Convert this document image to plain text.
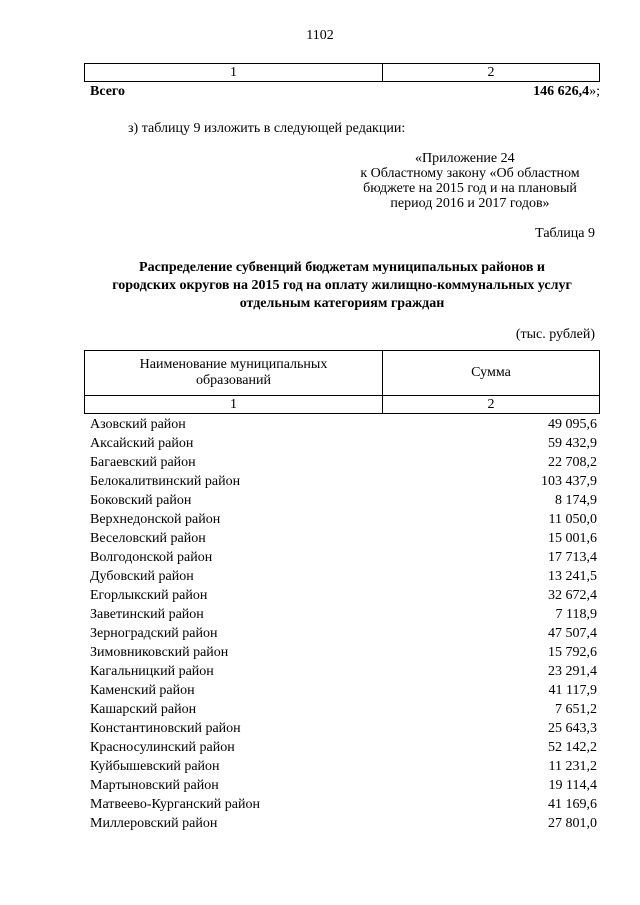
1102
1	2
Всего	146 626,4»;
з) таблицу 9 изложить в следующей редакции:
«Приложение 24
к Областному закону «Об областном
бюджете на 2015 год и на плановый
период 2016 и 2017 годов»
Таблица 9
Распределение субвенций бюджетам муниципальных районов и
городских округов на 2015 год на оплату жилищно-коммунальных услуг
отдельным категориям граждан
(тыс. рублей)
Наименование муниципальных
образований	Сумма
1	2
Азовский район	49 095,6
Аксайский район	59 432,9
Багаевский район	22 708,2
Белокалитвинский район	103 437,9
Боковский район	8 174,9
Верхнедонской район	11 050,0
Веселовский район	15 001,6
Волгодонской район	17 713,4
Дубовский район	13 241,5
Егорлыкский район	32 672,4
Заветинский район	7 118,9
Зерноградский район	47 507,4
Зимовниковский район	15 792,6
Кагальницкий район	23 291,4
Каменский район	41 117,9
Кашарский район	7 651,2
Константиновский район	25 643,3
Красносулинский район	52 142,2
Куйбышевский район	11 231,2
Мартыновский район	19 114,4
Матвеево-Курганский район	41 169,6
Миллеровский район	27 801,0
